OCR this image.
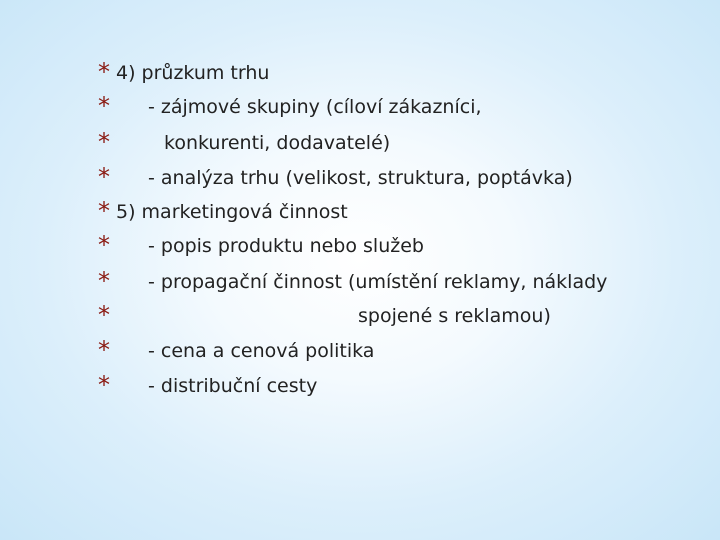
* 4) průzkum trhu
* - zájmové skupiny (cíloví zákazníci,
*	konkurenti, dodavatelé)
* - analýza trhu (velikost, struktura, poptávka)
* 5) marketingová činnost
* - popis produktu nebo služeb
* - propagační činnost (umístění reklamy, náklady
*	spojené s reklamou)
* - cena a cenová politika
* - distribuční cesty
